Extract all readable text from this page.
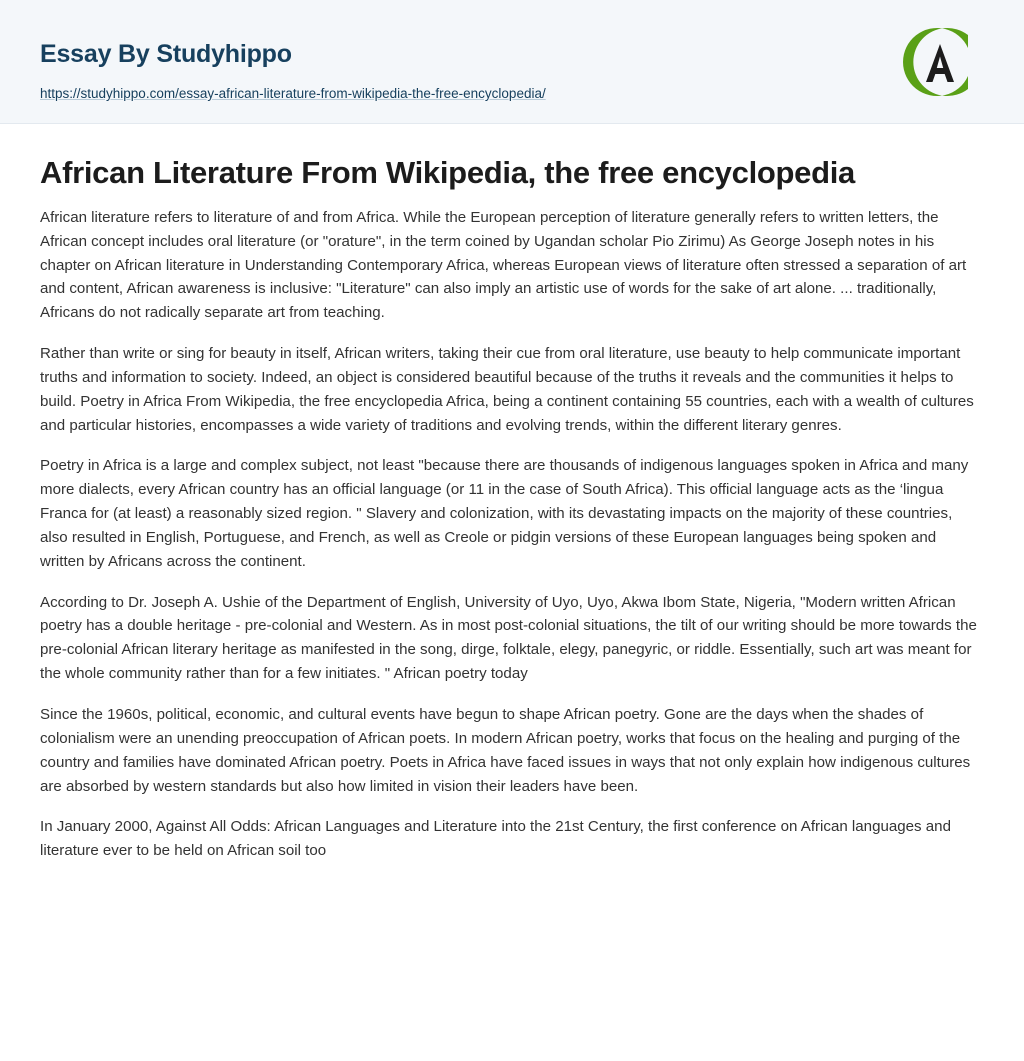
Essay By Studyhippo
https://studyhippo.com/essay-african-literature-from-wikipedia-the-free-encyclopedia/
African Literature From Wikipedia, the free encyclopedia

African literature refers to literature of and from Africa. While the European perception of literature generally refers to written letters, the African concept includes oral literature (or "orature", in the term coined by Ugandan scholar Pio Zirimu) As George Joseph notes in his chapter on African literature in Understanding Contemporary Africa, whereas European views of literature often stressed a separation of art and content, African awareness is inclusive: "Literature" can also imply an artistic use of words for the sake of art alone. ... traditionally, Africans do not radically separate art from teaching.

Rather than write or sing for beauty in itself, African writers, taking their cue from oral literature, use beauty to help communicate important truths and information to society. Indeed, an object is considered beautiful because of the truths it reveals and the communities it helps to build. Poetry in Africa From Wikipedia, the free encyclopedia Africa, being a continent containing 55 countries, each with a wealth of cultures and particular histories, encompasses a wide variety of traditions and evolving trends, within the different literary genres.

Poetry in Africa is a large and complex subject, not least "because there are thousands of indigenous languages spoken in Africa and many more dialects, every African country has an official language (or 11 in the case of South Africa). This official language acts as the ‘lingua Franca for (at least) a reasonably sized region. " Slavery and colonization, with its devastating impacts on the majority of these countries, also resulted in English, Portuguese, and French, as well as Creole or pidgin versions of these European languages being spoken and written by Africans across the continent.

According to Dr. Joseph A. Ushie of the Department of English, University of Uyo, Uyo, Akwa Ibom State, Nigeria, "Modern written African poetry has a double heritage - pre-colonial and Western. As in most post-colonial situations, the tilt of our writing should be more towards the pre-colonial African literary heritage as manifested in the song, dirge, folktale, elegy, panegyric, or riddle. Essentially, such art was meant for the whole community rather than for a few initiates. " African poetry today

Since the 1960s, political, economic, and cultural events have begun to shape African poetry. Gone are the days when the shades of colonialism were an unending preoccupation of African poets. In modern African poetry, works that focus on the healing and purging of the country and families have dominated African poetry. Poets in Africa have faced issues in ways that not only explain how indigenous cultures are absorbed by western standards but also how limited in vision their leaders have been.

In January 2000, Against All Odds: African Languages and Literature into the 21st Century, the first conference on African languages and literature ever to be held on African soil too
